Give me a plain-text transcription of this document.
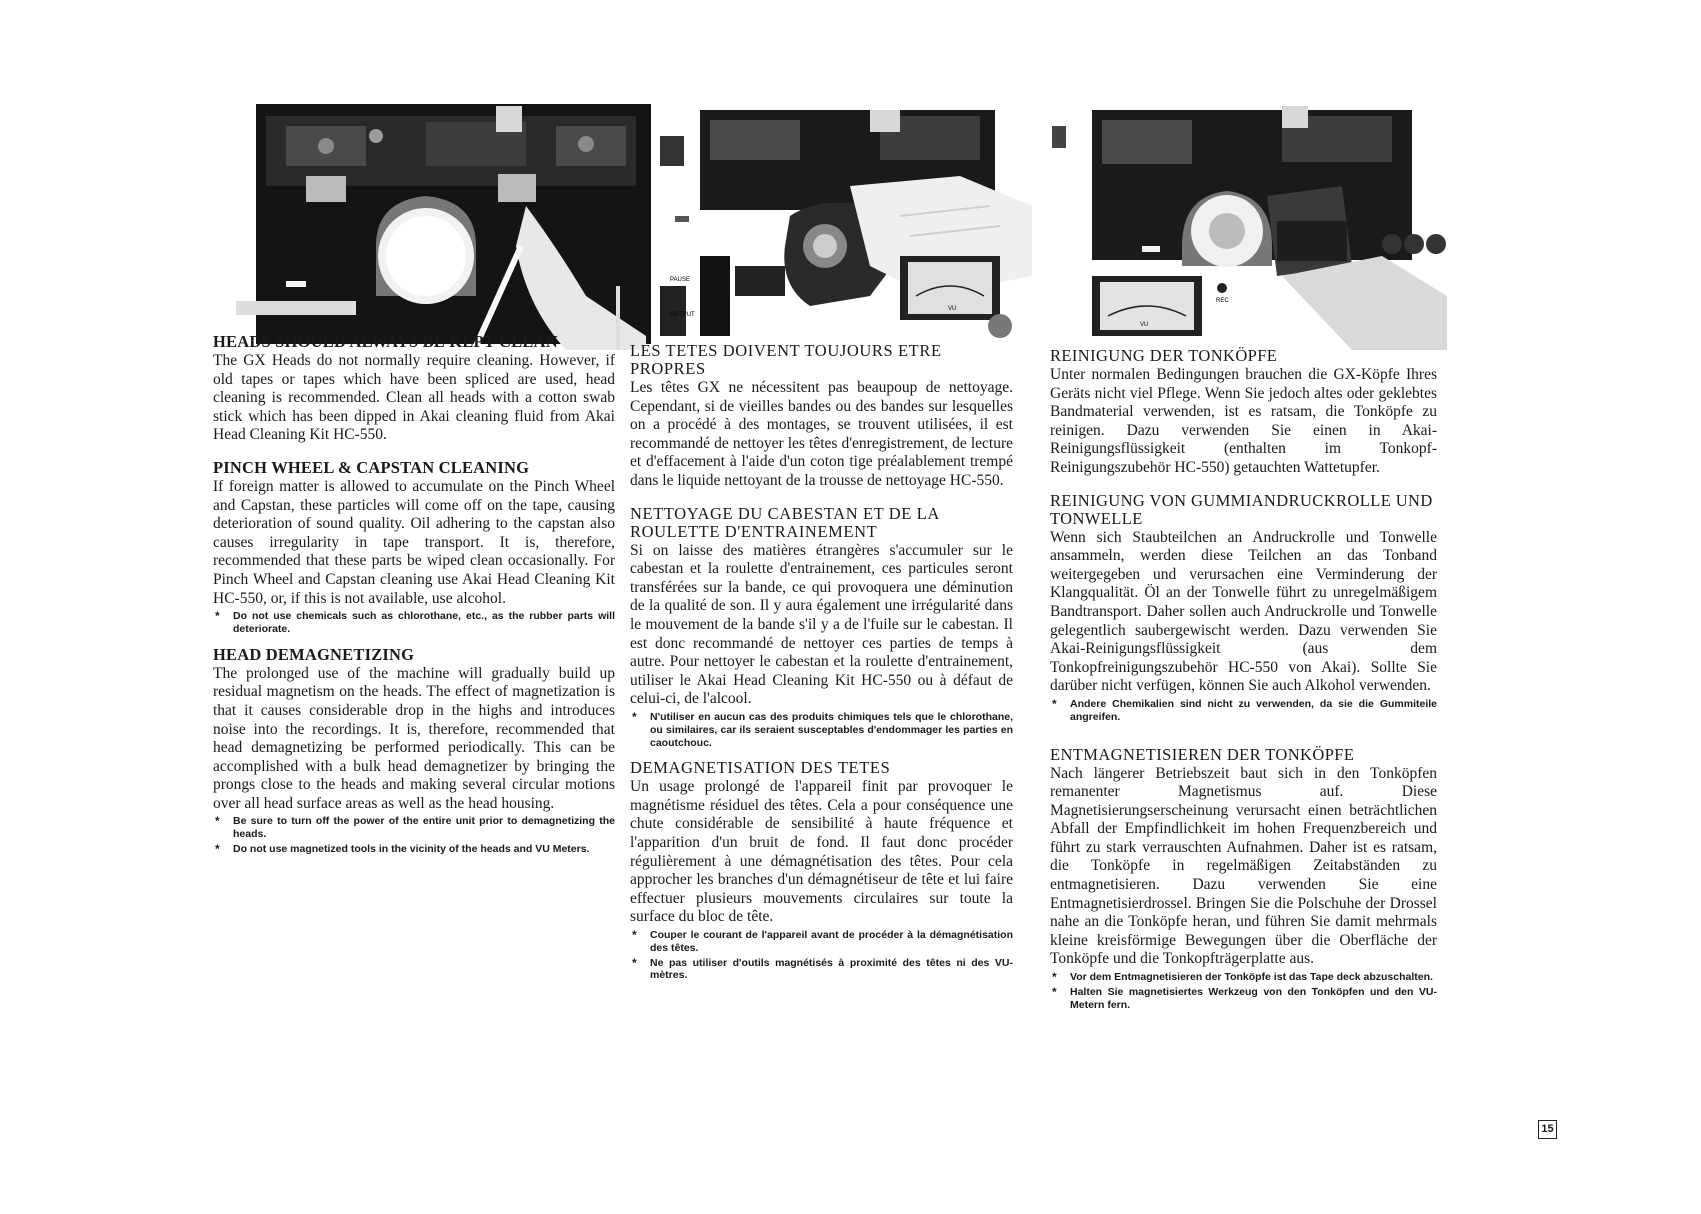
HEADS SHOULD ALWAYS BE KEPT CLEAN

The GX Heads do not normally require cleaning. However, if old tapes or tapes which have been spliced are used, head cleaning is recommended. Clean all heads with a cotton swab stick which has been dipped in Akai cleaning fluid from Akai Head Cleaning Kit HC-550.

PINCH WHEEL & CAPSTAN CLEANING

If foreign matter is allowed to accumulate on the Pinch Wheel and Capstan, these particles will come off on the tape, causing deterioration of sound quality. Oil adhering to the capstan also causes irregularity in tape transport. It is, therefore, recommended that these parts be wiped clean occasionally. For Pinch Wheel and Capstan cleaning use Akai Head Cleaning Kit HC-550, or, if this is not available, use alcohol.

* Do not use chemicals such as chlorothane, etc., as the rubber parts will deteriorate.
HEAD DEMAGNETIZING

The prolonged use of the machine will gradually build up residual magnetism on the heads. The effect of magnetization is that it causes considerable drop in the highs and introduces noise into the recordings. It is, therefore, recommended that head demagnetizing be performed periodically. This can be accomplished with a bulk head demagnetizer by bringing the prongs close to the heads and making several circular motions over all head surface areas as well as the head housing.

* Be sure to turn off the power of the entire unit prior to demagnetizing the heads.
* Do not use magnetized tools in the vicinity of the heads and VU Meters.
PAUSE
OUTPUT
VU
LES TETES DOIVENT TOUJOURS ETRE PROPRES

Les têtes GX ne nécessitent pas beaupoup de nettoyage. Cependant, si de vieilles bandes ou des bandes sur lesquelles on a procédé à des montages, se trouvent utilisées, il est recommandé de nettoyer les têtes d'enregistrement, de lecture et d'effacement à l'aide d'un coton tige préalablement trempé dans le liquide nettoyant de la trousse de nettoyage HC-550.

NETTOYAGE DU CABESTAN ET DE LA ROULETTE D'ENTRAINEMENT

Si on laisse des matières étrangères s'accumuler sur le cabestan et la roulette d'entrainement, ces particules seront transférées sur la bande, ce qui provoquera une déminution de la qualité de son. Il y aura également une irrégularité dans le mouvement de la bande s'il y a de l'fuile sur le cabestan. Il est donc recommandé de nettoyer ces parties de temps à autre. Pour nettoyer le cabestan et la roulette d'entrainement, utiliser le Akai Head Cleaning Kit HC-550 ou à défaut de celui-ci, de l'alcool.

* N'utiliser en aucun cas des produits chimiques tels que le chlorothane, ou similaires, car ils seraient susceptables d'endommager les parties en caoutchouc.
DEMAGNETISATION DES TETES

Un usage prolongé de l'appareil finit par provoquer le magnétisme résiduel des têtes. Cela a pour conséquence une chute considérable de sensibilité à haute fréquence et l'apparition d'un bruit de fond. Il faut donc procéder régulièrement à une démagnétisation des têtes. Pour cela approcher les branches d'un démagnétiseur de tête et lui faire effectuer plusieurs mouvements circulaires sur toute la surface du bloc de tête.

* Couper le courant de l'appareil avant de procéder à la démagnétisation des têtes.
* Ne pas utiliser d'outils magnétisés à proximité des têtes ni des VU-mètres.
VU
REC
REINIGUNG DER TONKÖPFE

Unter normalen Bedingungen brauchen die GX-Köpfe Ihres Geräts nicht viel Pflege. Wenn Sie jedoch altes oder geklebtes Bandmaterial verwenden, ist es ratsam, die Tonköpfe zu reinigen. Dazu verwenden Sie einen in Akai-Reinigungsflüssigkeit (enthalten im Tonkopf-Reinigungszubehör HC-550) getauchten Wattetupfer.

REINIGUNG VON GUMMIANDRUCKROLLE UND TONWELLE

Wenn sich Staubteilchen an Andruckrolle und Tonwelle ansammeln, werden diese Teilchen an das Tonband weitergegeben und verursachen eine Verminderung der Klangqualität. Öl an der Tonwelle führt zu unregelmäßigem Bandtransport. Daher sollen auch Andruckrolle und Tonwelle gelegentlich saubergewischt werden. Dazu verwenden Sie Akai-Reinigungsflüssigkeit (aus dem Tonkopfreinigungszubehör HC-550 von Akai). Sollte Sie darüber nicht verfügen, können Sie auch Alkohol verwenden.

* Andere Chemikalien sind nicht zu verwenden, da sie die Gummiteile angreifen.
ENTMAGNETISIEREN DER TONKÖPFE

Nach längerer Betriebszeit baut sich in den Tonköpfen remanenter Magnetismus auf. Diese Magnetisierungserscheinung verursacht einen beträchtlichen Abfall der Empfindlichkeit im hohen Frequenzbereich und führt zu stark verrauschten Aufnahmen. Daher ist es ratsam, die Tonköpfe in regelmäßigen Zeitabständen zu entmagnetisieren. Dazu verwenden Sie eine Entmagnetisierdrossel. Bringen Sie die Polschuhe der Drossel nahe an die Tonköpfe heran, und führen Sie damit mehrmals kleine kreisförmige Bewegungen über die Oberfläche der Tonköpfe und die Tonkopfträgerplatte aus.

* Vor dem Entmagnetisieren der Tonköpfe ist das Tape deck abzuschalten.
* Halten Sie magnetisiertes Werkzeug von den Tonköpfen und den VU-Metern fern.
15
